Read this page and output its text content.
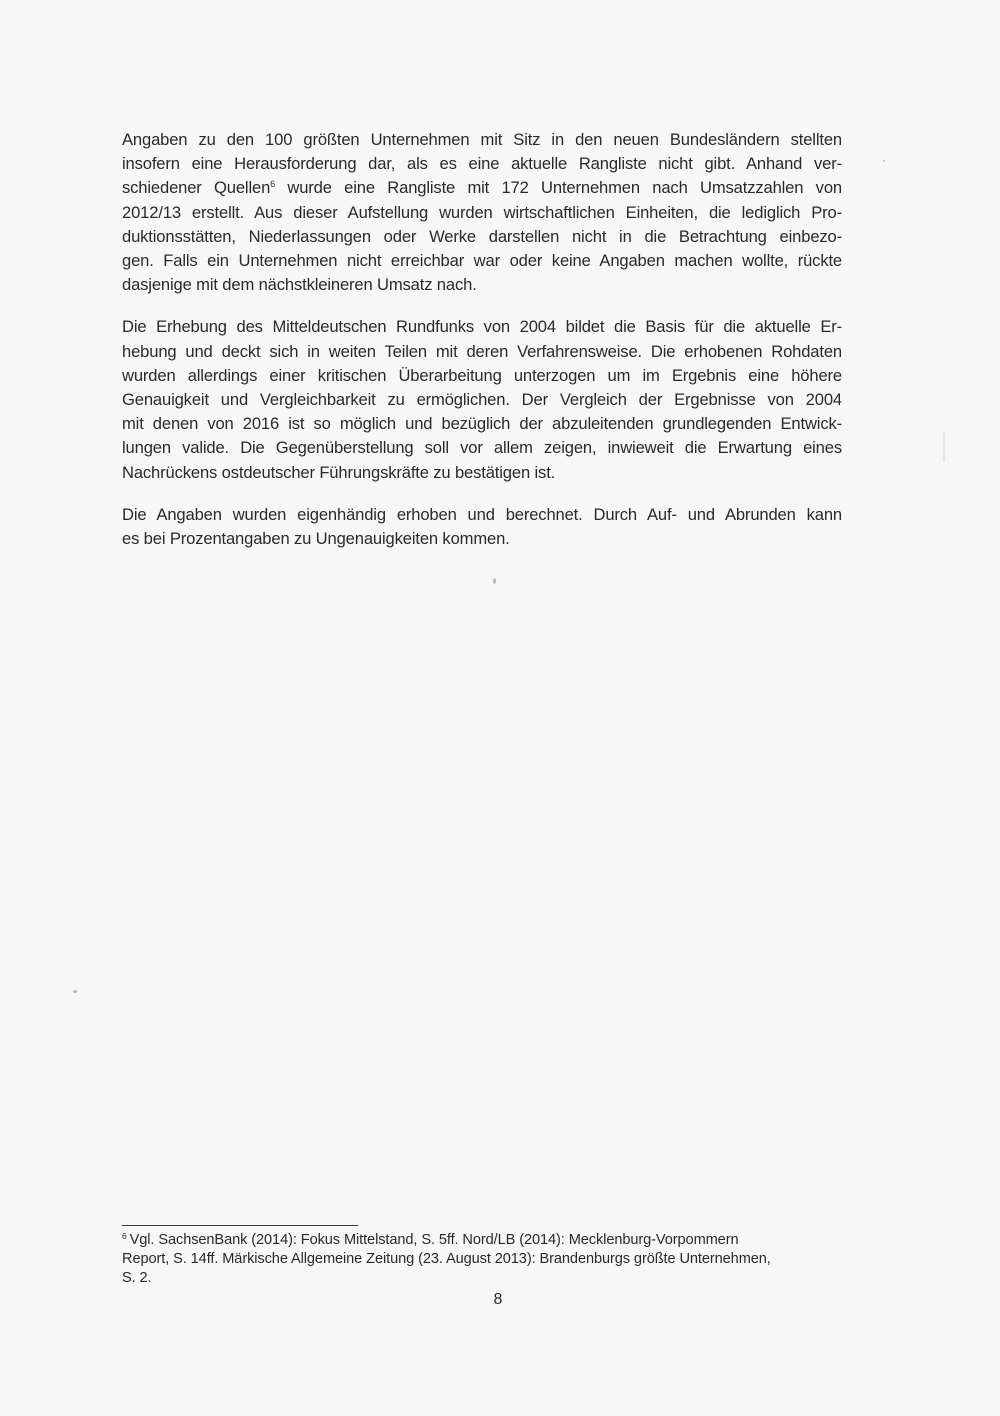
Angaben zu den 100 größten Unternehmen mit Sitz in den neuen Bundesländern stellten
insofern eine Herausforderung dar, als es eine aktuelle Rangliste nicht gibt. Anhand ver-
schiedener Quellen$^6$ wurde eine Rangliste mit 172 Unternehmen nach Umsatzzahlen von
2012/13 erstellt. Aus dieser Aufstellung wurden wirtschaftlichen Einheiten, die lediglich Pro-
duktionsstätten, Niederlassungen oder Werke darstellen nicht in die Betrachtung einbezo-
gen. Falls ein Unternehmen nicht erreichbar war oder keine Angaben machen wollte, rückte
dasjenige mit dem nächstkleineren Umsatz nach.

Die Erhebung des Mitteldeutschen Rundfunks von 2004 bildet die Basis für die aktuelle Er-
hebung und deckt sich in weiten Teilen mit deren Verfahrensweise. Die erhobenen Rohdaten
wurden allerdings einer kritischen Überarbeitung unterzogen um im Ergebnis eine höhere
Genauigkeit und Vergleichbarkeit zu ermöglichen. Der Vergleich der Ergebnisse von 2004
mit denen von 2016 ist so möglich und bezüglich der abzuleitenden grundlegenden Entwick-
lungen valide. Die Gegenüberstellung soll vor allem zeigen, inwieweit die Erwartung eines
Nachrückens ostdeutscher Führungskräfte zu bestätigen ist.

Die Angaben wurden eigenhändig erhoben und berechnet. Durch Auf- und Abrunden kann
es bei Prozentangaben zu Ungenauigkeiten kommen.

$^6$ Vgl. SachsenBank (2014): Fokus Mittelstand, S. 5ff. Nord/LB (2014): Mecklenburg-Vorpommern
Report, S. 14ff. Märkische Allgemeine Zeitung (23. August 2013): Brandenburgs größte Unternehmen,
S. 2.
8
